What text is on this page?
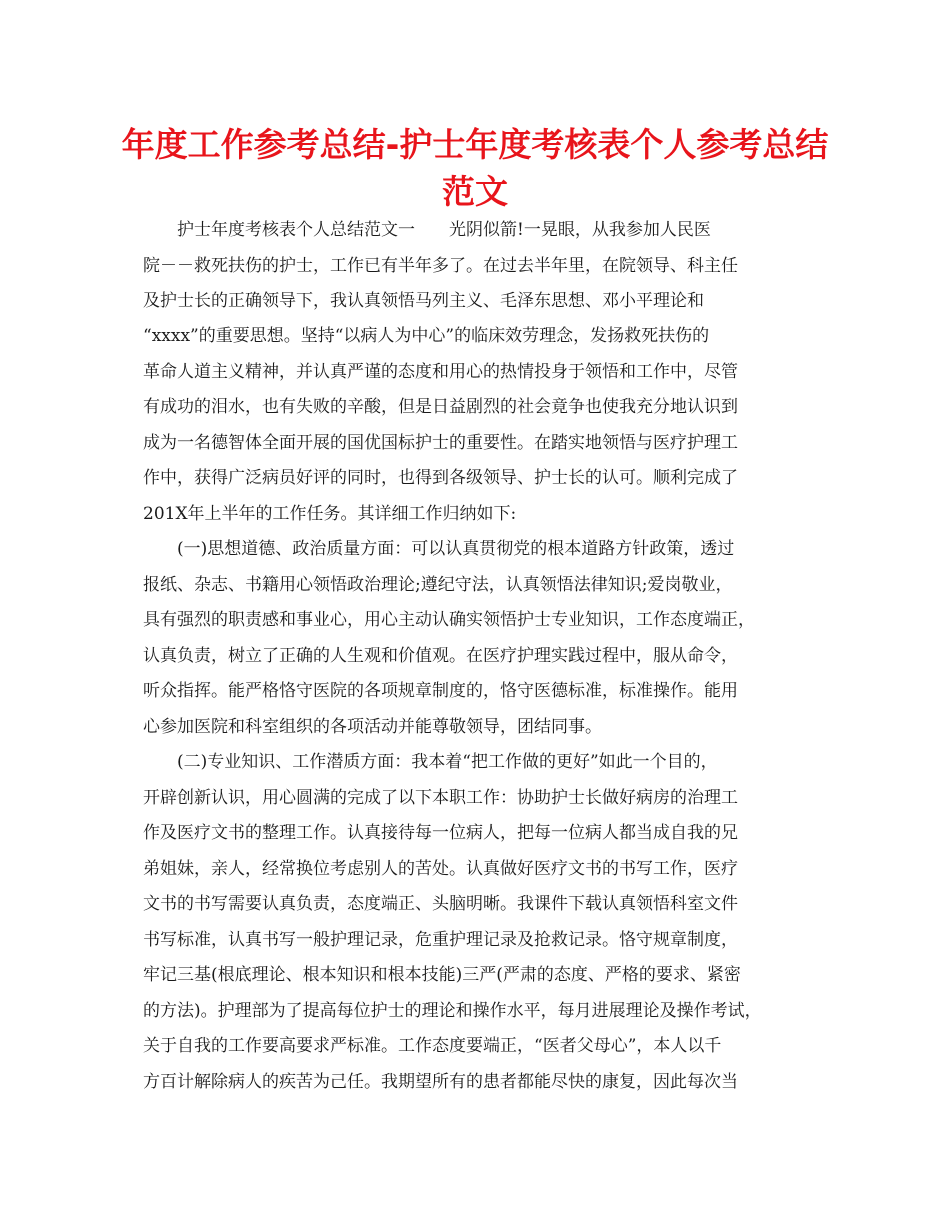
年度工作参考总结-护士年度考核表个人参考总结
范文

　　护士年度考核表个人总结范文一　　光阴似箭!一晃眼，从我参加人民医

院－－救死扶伤的护士，工作已有半年多了。在过去半年里，在院领导、科主任

及护士长的正确领导下，我认真领悟马列主义、毛泽东思想、邓小平理论和

“xxxx”的重要思想。坚持“以病人为中心”的临床效劳理念，发扬救死扶伤的

革命人道主义精神，并认真严谨的态度和用心的热情投身于领悟和工作中，尽管

有成功的泪水，也有失败的辛酸，但是日益剧烈的社会竟争也使我充分地认识到

成为一名德智体全面开展的国优国标护士的重要性。在踏实地领悟与医疗护理工

作中，获得广泛病员好评的同时，也得到各级领导、护士长的认可。顺利完成了

201X年上半年的工作任务。其详细工作归纳如下:

　　(一)思想道德、政治质量方面：可以认真贯彻党的根本道路方针政策，透过

报纸、杂志、书籍用心领悟政治理论;遵纪守法，认真领悟法律知识;爱岗敬业，

具有强烈的职责感和事业心，用心主动认确实领悟护士专业知识，工作态度端正，

认真负责，树立了正确的人生观和价值观。在医疗护理实践过程中，服从命令，

听众指挥。能严格恪守医院的各项规章制度的，恪守医德标准，标准操作。能用

心参加医院和科室组织的各项活动并能尊敬领导，团结同事。

　　(二)专业知识、工作潜质方面：我本着“把工作做的更好”如此一个目的，

开辟创新认识，用心圆满的完成了以下本职工作：协助护士长做好病房的治理工

作及医疗文书的整理工作。认真接待每一位病人，把每一位病人都当成自我的兄

弟姐妹，亲人，经常换位考虑别人的苦处。认真做好医疗文书的书写工作，医疗

文书的书写需要认真负责，态度端正、头脑明晰。我课件下载认真领悟科室文件

书写标准，认真书写一般护理记录，危重护理记录及抢救记录。恪守规章制度，

牢记三基(根底理论、根本知识和根本技能)三严(严肃的态度、严格的要求、紧密

的方法)。护理部为了提高每位护士的理论和操作水平，每月进展理论及操作考试，

关于自我的工作要高要求严标准。工作态度要端正，“医者父母心”，本人以千

方百计解除病人的疾苦为己任。我期望所有的患者都能尽快的康复，因此每次当
